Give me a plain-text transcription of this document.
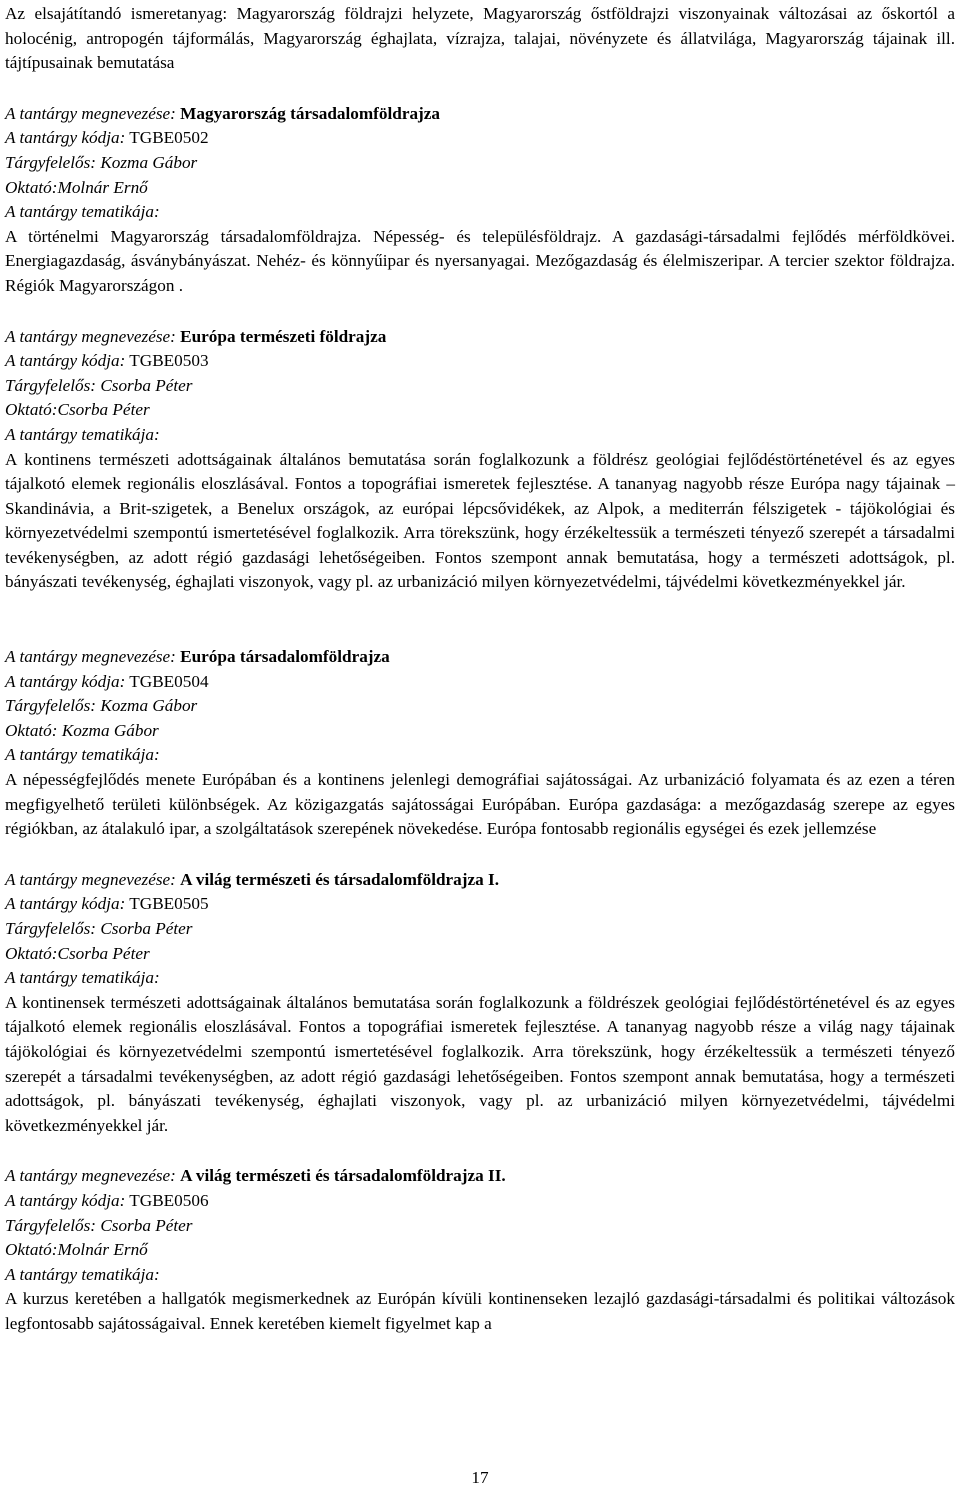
Az elsajátítandó ismeretanyag: Magyarország földrajzi helyzete, Magyarország őstföldrajzi viszonyainak változásai az őskortól a holocénig, antropogén tájformálás, Magyarország éghajlata, vízrajza, talajai, növényzete és állatvilága, Magyarország tájainak ill. tájtípusainak bemutatása

A tantárgy megnevezése: Magyarország társadalomföldrajza

A tantárgy kódja: TGBE0502

Tárgyfelelős: Kozma Gábor

Oktató:Molnár Ernő

A tantárgy tematikája:

A történelmi Magyarország társadalomföldrajza. Népesség- és településföldrajz. A gazdasági-társadalmi fejlődés mérföldkövei. Energiagazdaság, ásványbányászat. Nehéz- és könnyűipar és nyersanyagai. Mezőgazdaság és élelmiszeripar. A tercier szektor földrajza. Régiók Magyarországon .

A tantárgy megnevezése: Európa természeti földrajza

A tantárgy kódja: TGBE0503

Tárgyfelelős: Csorba Péter

Oktató:Csorba Péter

A tantárgy tematikája:

A kontinens természeti adottságainak általános bemutatása során foglalkozunk a földrész geológiai fejlődéstörténetével és az egyes tájalkotó elemek regionális eloszlásával. Fontos a topográfiai ismeretek fejlesztése. A tananyag nagyobb része Európa nagy tájainak – Skandinávia, a Brit-szigetek, a Benelux országok, az európai lépcsővidékek, az Alpok, a mediterrán félszigetek - tájökológiai és környezetvédelmi szempontú ismertetésével foglalkozik. Arra törekszünk, hogy érzékeltessük a természeti tényező szerepét a társadalmi tevékenységben, az adott régió gazdasági lehetőségeiben. Fontos szempont annak bemutatása, hogy a természeti adottságok, pl. bányászati tevékenység, éghajlati viszonyok, vagy pl. az urbanizáció milyen környezetvédelmi, tájvédelmi következményekkel jár.

A tantárgy megnevezése: Európa társadalomföldrajza

A tantárgy kódja: TGBE0504

Tárgyfelelős: Kozma Gábor

Oktató: Kozma Gábor

A tantárgy tematikája:

A népességfejlődés menete Európában és a kontinens jelenlegi demográfiai sajátosságai. Az urbanizáció folyamata és az ezen a téren megfigyelhető területi különbségek. Az közigazgatás sajátosságai Európában. Európa gazdasága: a mezőgazdaság szerepe az egyes régiókban, az átalakuló ipar, a szolgáltatások szerepének növekedése. Európa fontosabb regionális egységei és ezek jellemzése

A tantárgy megnevezése: A világ természeti és társadalomföldrajza I.

A tantárgy kódja: TGBE0505

Tárgyfelelős: Csorba Péter

Oktató:Csorba Péter

A tantárgy tematikája:

A kontinensek természeti adottságainak általános bemutatása során foglalkozunk a földrészek geológiai fejlődéstörténetével és az egyes tájalkotó elemek regionális eloszlásával. Fontos a topográfiai ismeretek fejlesztése. A tananyag nagyobb része a világ nagy tájainak tájökológiai és környezetvédelmi szempontú ismertetésével foglalkozik. Arra törekszünk, hogy érzékeltessük a természeti tényező szerepét a társadalmi tevékenységben, az adott régió gazdasági lehetőségeiben. Fontos szempont annak bemutatása, hogy a természeti adottságok, pl. bányászati tevékenység, éghajlati viszonyok, vagy pl. az urbanizáció milyen környezetvédelmi, tájvédelmi következményekkel jár.

A tantárgy megnevezése: A világ természeti és társadalomföldrajza II.

A tantárgy kódja: TGBE0506

Tárgyfelelős: Csorba Péter

Oktató:Molnár Ernő

A tantárgy tematikája:

A kurzus keretében a hallgatók megismerkednek az Európán kívüli kontinenseken lezajló gazdasági-társadalmi és politikai változások legfontosabb sajátosságaival. Ennek keretében kiemelt figyelmet kap a

17
